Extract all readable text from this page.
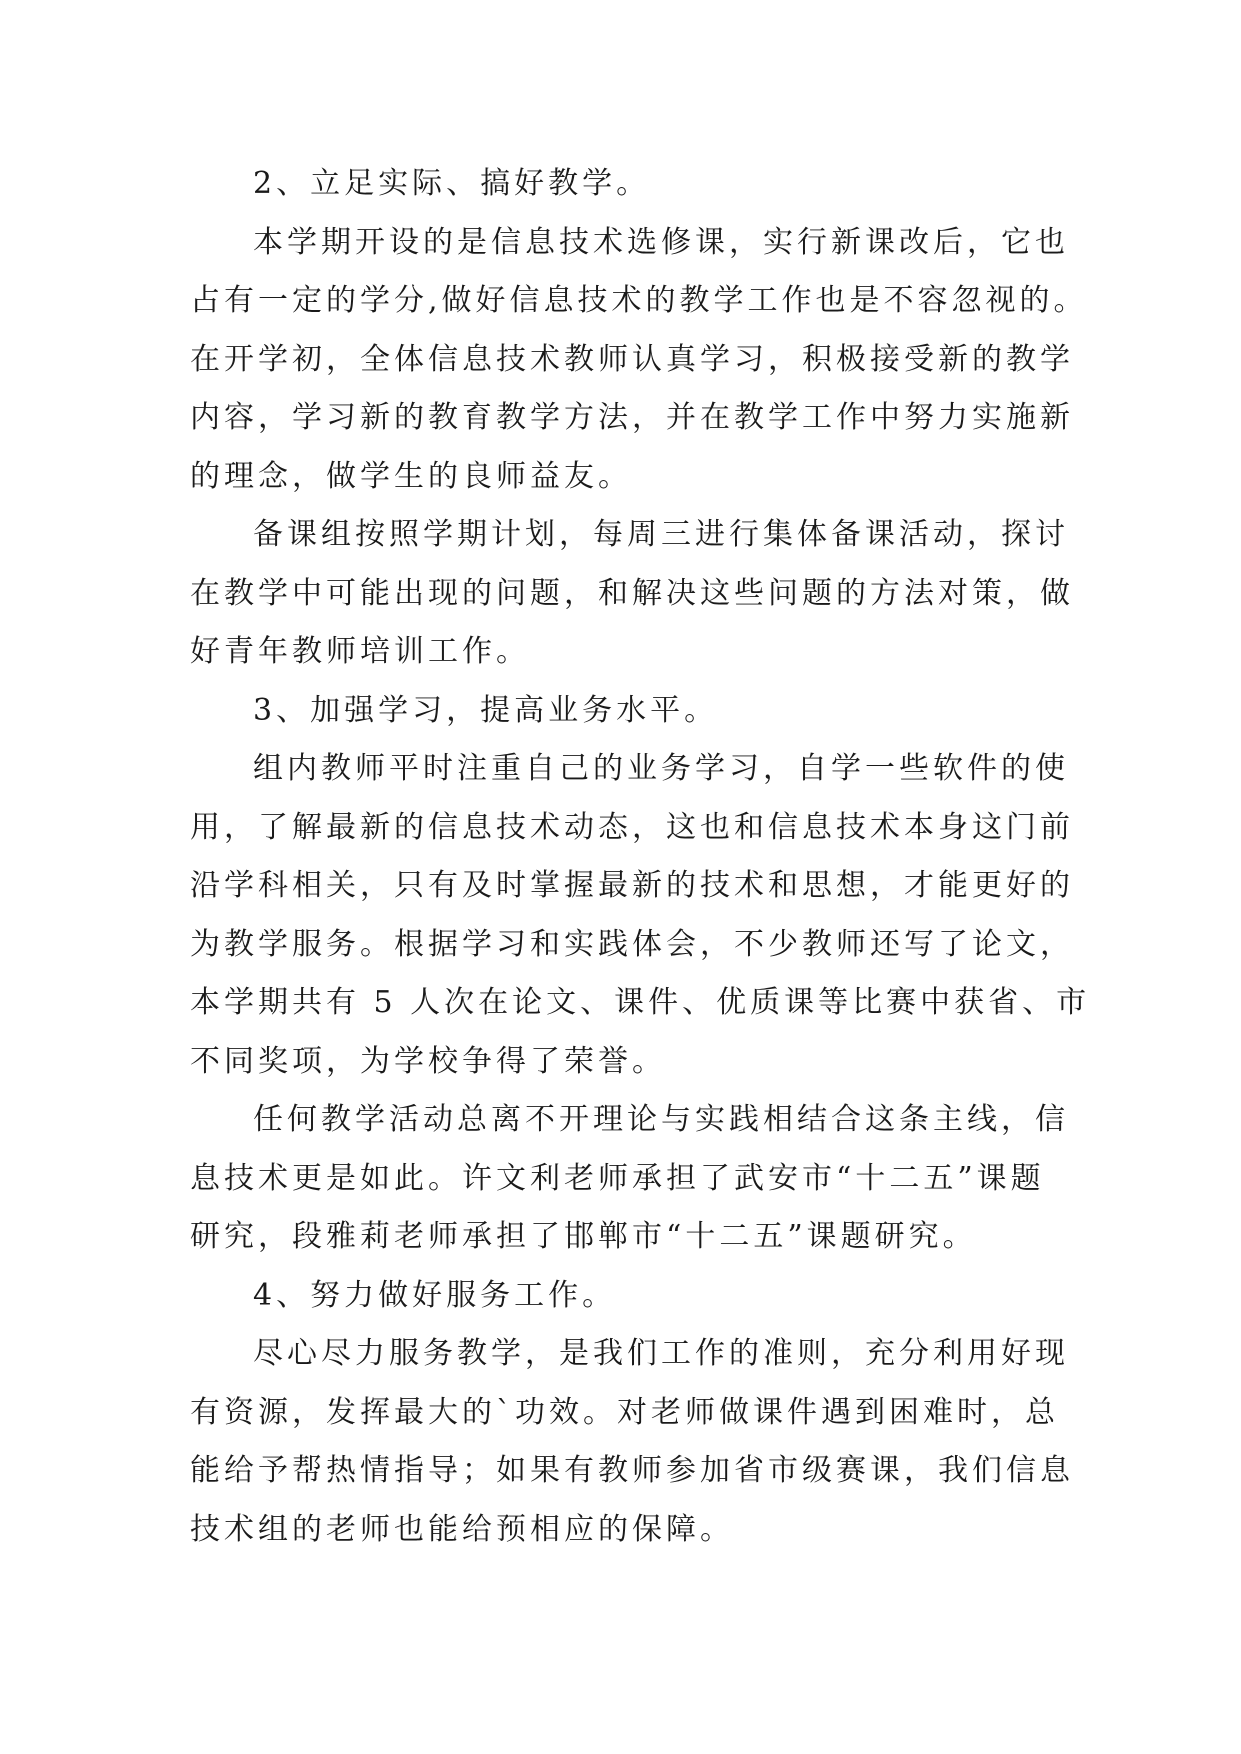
2、立足实际、搞好教学。
本学期开设的是信息技术选修课，实行新课改后，它也
占有一定的学分,做好信息技术的教学工作也是不容忽视的。
在开学初，全体信息技术教师认真学习，积极接受新的教学
内容，学习新的教育教学方法，并在教学工作中努力实施新
的理念，做学生的良师益友。
备课组按照学期计划，每周三进行集体备课活动，探讨
在教学中可能出现的问题，和解决这些问题的方法对策，做
好青年教师培训工作。
3、加强学习，提高业务水平。
组内教师平时注重自己的业务学习，自学一些软件的使
用，了解最新的信息技术动态，这也和信息技术本身这门前
沿学科相关，只有及时掌握最新的技术和思想，才能更好的
为教学服务。根据学习和实践体会，不少教师还写了论文，
本学期共有 5 人次在论文、课件、优质课等比赛中获省、市
不同奖项，为学校争得了荣誉。
任何教学活动总离不开理论与实践相结合这条主线，信
息技术更是如此。许文利老师承担了武安市“十二五”课题
研究，段雅莉老师承担了邯郸市“十二五”课题研究。
4、努力做好服务工作。
尽心尽力服务教学，是我们工作的准则，充分利用好现
有资源，发挥最大的`功效。对老师做课件遇到困难时，总
能给予帮热情指导；如果有教师参加省市级赛课，我们信息
技术组的老师也能给预相应的保障。
